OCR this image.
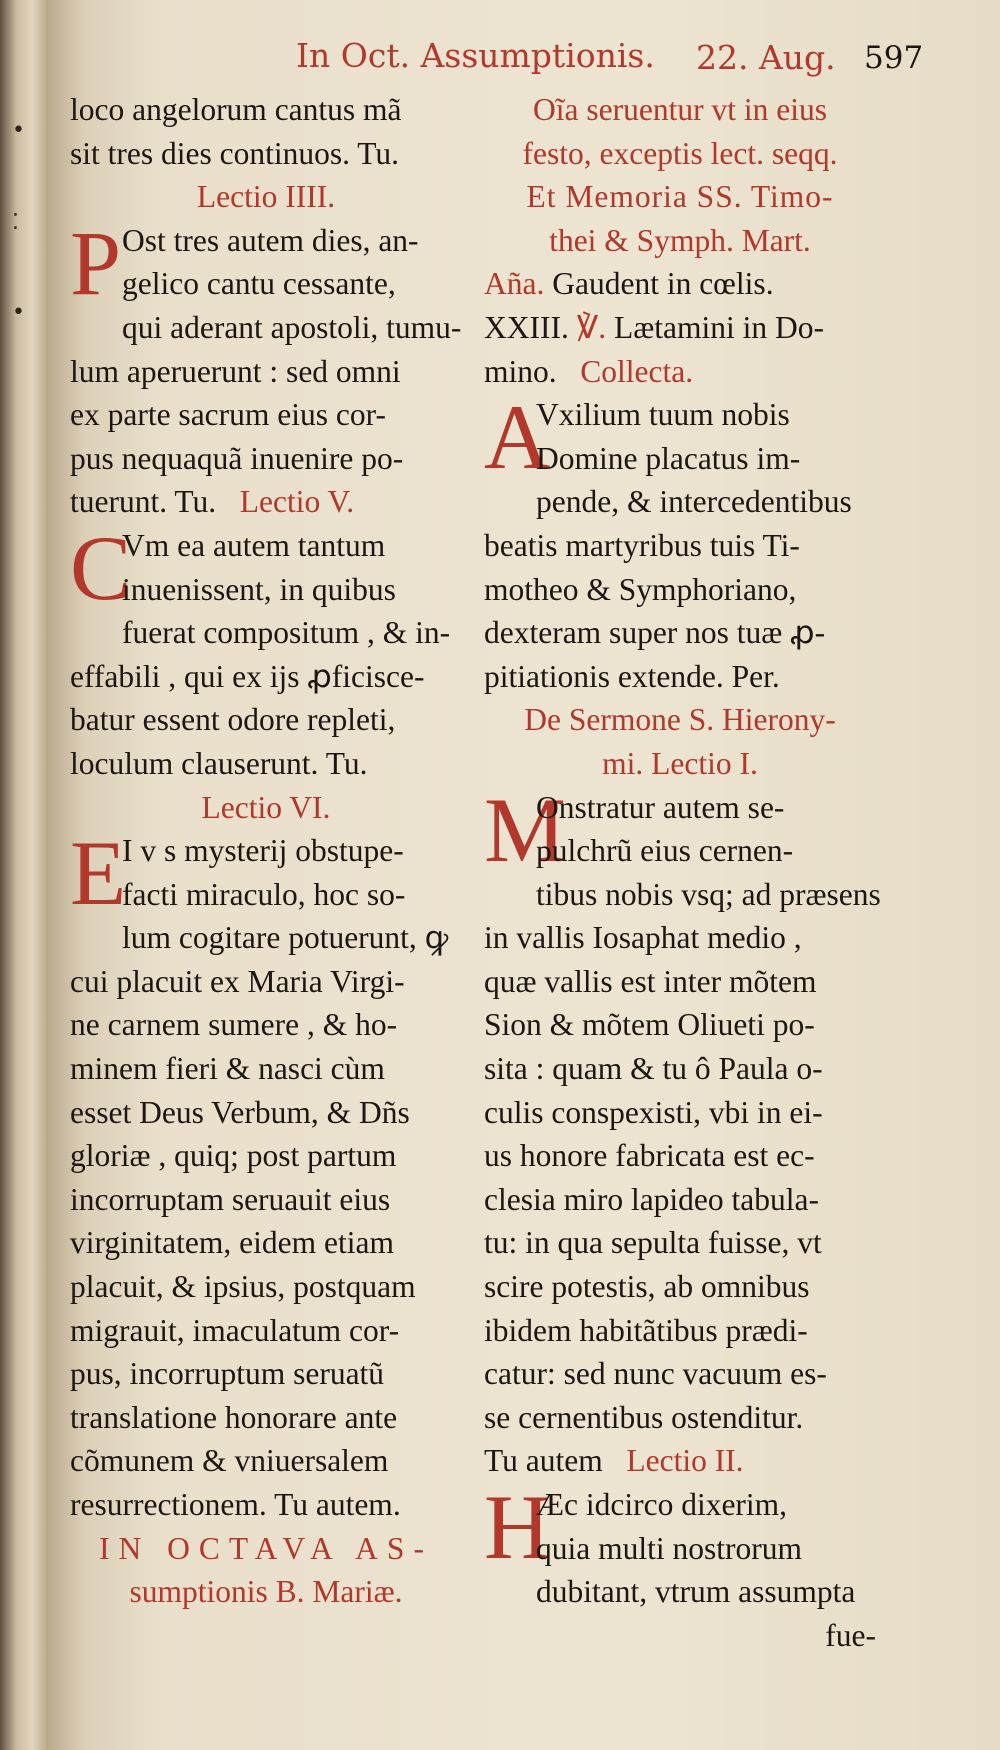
•
⁚
•
In Oct. Assumptionis. 22. Aug. 597
loco angelorum cantus mã
sit tres dies continuos. Tu.
Lectio IIII.
P Ost tres autem dies, an-
gelico cantu cessante,
qui aderant apostoli, tumu-
lum aperuerunt : sed omni
ex parte sacrum eius cor-
pus nequaquã inuenire po-
tuerunt. Tu. Lectio V.
C
Vm ea autem tantum
inuenissent, in quibus
fuerat compositum , & in-
effabili , qui ex ijs ꝓficisce-
batur essent odore repleti,
loculum clauserunt. Tu.
Lectio VI.
E
I v s mysterij obstupe-
facti miraculo, hoc so-
lum cogitare potuerunt, ꝙ
cui placuit ex Maria Virgi-
ne carnem sumere , & ho-
minem fieri & nasci cùm
esset Deus Verbum, & Dñs
gloriæ , quiq; post partum
incorruptam seruauit eius
virginitatem, eidem etiam
placuit, & ipsius, postquam
migrauit, imaculatum cor-
pus, incorruptum seruatũ
translatione honorare ante
cõmunem & vniuersalem
resurrectionem. Tu autem.
IN OCTAVA AS-
sumptionis B. Mariæ.
Oĩa seruentur vt in eius
festo, exceptis lect. seqq.
Et Memoria SS. Timo-
thei & Symph. Mart.
Aña. Gaudent in cœlis.
XXIII. ℣. Lætamini in Do-
mino. Collecta.
A
Vxilium tuum nobis
Domine placatus im-
pende, & intercedentibus
beatis martyribus tuis Ti-
motheo & Symphoriano,
dexteram super nos tuæ ꝓ-
pitiationis extende. Per.
De Sermone S. Hierony-
mi. Lectio I.
M
Onstratur autem se-
pulchrũ eius cernen-
tibus nobis vsq; ad præsens
in vallis Iosaphat medio ,
quæ vallis est inter mõtem
Sion & mõtem Oliueti po-
sita : quam & tu ô Paula o-
culis conspexisti, vbi in ei-
us honore fabricata est ec-
clesia miro lapideo tabula-
tu: in qua sepulta fuisse, vt
scire potestis, ab omnibus
ibidem habitãtibus prædi-
catur: sed nunc vacuum es-
se cernentibus ostenditur.
Tu autem Lectio II.
H
Æc idcirco dixerim,
quia multi nostrorum
dubitant, vtrum assumpta
fue-
